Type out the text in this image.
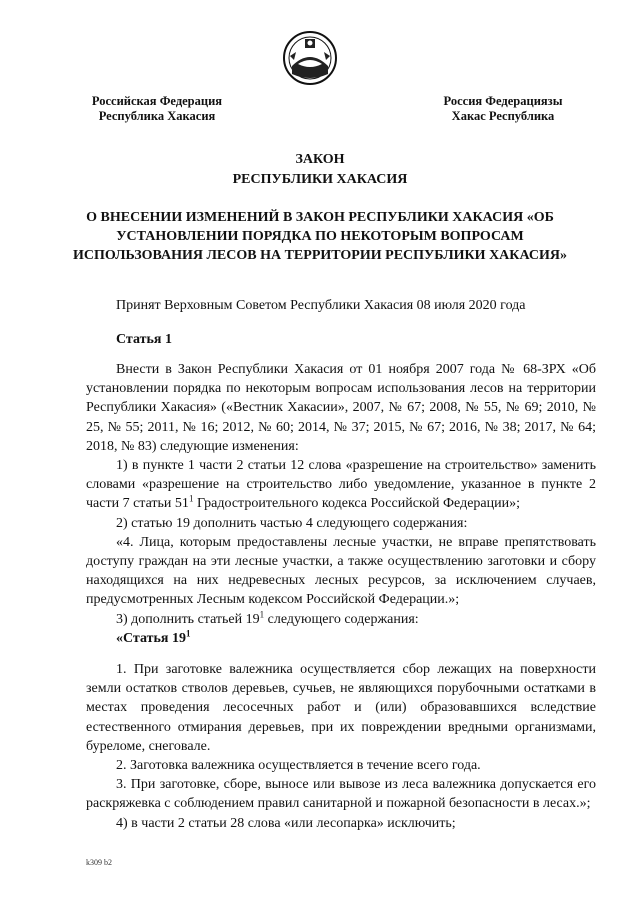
Российская Федерация
Республика Хакасия
Россия Федерациязы
Хакас Республика
ЗАКОН
РЕСПУБЛИКИ ХАКАСИЯ
О ВНЕСЕНИИ ИЗМЕНЕНИЙ В ЗАКОН РЕСПУБЛИКИ ХАКАСИЯ «ОБ УСТАНОВЛЕНИИ ПОРЯДКА ПО НЕКОТОРЫМ ВОПРОСАМ ИСПОЛЬЗОВАНИЯ ЛЕСОВ НА ТЕРРИТОРИИ РЕСПУБЛИКИ ХАКАСИЯ»
Принят Верховным Советом Республики Хакасия 08 июля 2020 года
Статья 1

Внести в Закон Республики Хакасия от 01 ноября 2007 года № 68-ЗРХ «Об установлении порядка по некоторым вопросам использования лесов на территории Республики Хакасия» («Вестник Хакасии», 2007, № 67; 2008, № 55, № 69; 2010, № 25, № 55; 2011, № 16; 2012, № 60; 2014, № 37; 2015, № 67; 2016, № 38; 2017, № 64; 2018, № 83) следующие изменения:

1) в пункте 1 части 2 статьи 12 слова «разрешение на строительство» заменить словами «разрешение на строительство либо уведомление, указанное в пункте 2 части 7 статьи $51^1$ Градостроительного кодекса Российской Федерации»;

2) статью 19 дополнить частью 4 следующего содержания:

«4. Лица, которым предоставлены лесные участки, не вправе препятствовать доступу граждан на эти лесные участки, а также осуществлению заготовки и сбору находящихся на них недревесных лесных ресурсов, за исключением случаев, предусмотренных Лесным кодексом Российской Федерации.»;

3) дополнить статьей $19^1$ следующего содержания:

«Статья $19^1$

1. При заготовке валежника осуществляется сбор лежащих на поверхности земли остатков стволов деревьев, сучьев, не являющихся порубочными остатками в местах проведения лесосечных работ и (или) образовавшихся вследствие естественного отмирания деревьев, при их повреждении вредными организмами, буреломе, снеговале.

2. Заготовка валежника осуществляется в течение всего года.

3. При заготовке, сборе, выносе или вывозе из леса валежника допускается его раскряжевка с соблюдением правил санитарной и пожарной безопасности в лесах.»;

4) в части 2 статьи 28 слова «или лесопарка» исключить;

k309 b2
